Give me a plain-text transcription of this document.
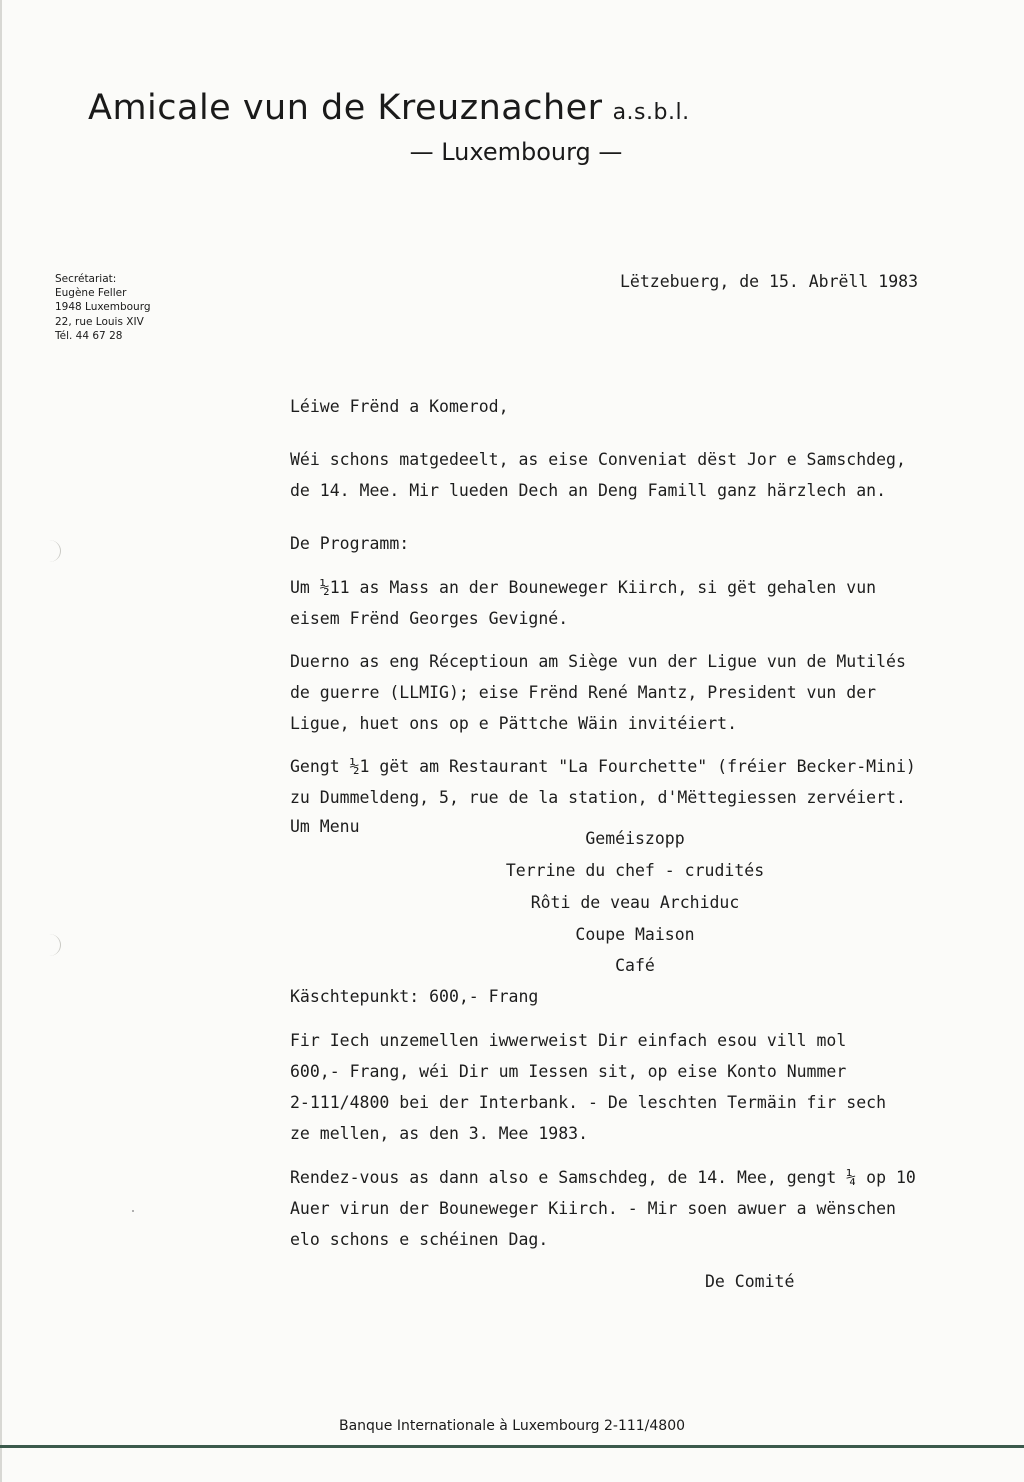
Amicale vun de Kreuznacher a.s.b.l.
— Luxembourg —
Secrétariat:
Eugène Feller
1948 Luxembourg
22, rue Louis XIV
Tél. 44 67 28
Lëtzebuerg, de 15. Abrëll 1983
Léiwe Frënd a Komerod,
Wéi schons matgedeelt, as eise Conveniat dëst Jor e Samschdeg,
de 14. Mee. Mir lueden Dech an Deng Famill ganz härzlech an.
De Programm:
Um ½11 as Mass an der Bouneweger Kiirch, si gët gehalen vun
eisem Frënd Georges Gevigné.
Duerno as eng Réceptioun am Siège vun der Ligue vun de Mutilés
de guerre (LLMIG); eise Frënd René Mantz, President vun der
Ligue, huet ons op e Pättche Wäin invitéiert.
Gengt ½1 gët am Restaurant "La Fourchette" (fréier Becker-Mini)
zu Dummeldeng, 5, rue de la station, d'Mëttegiessen zervéiert.
Um Menu
Geméiszopp
Terrine du chef - crudités
Rôti de veau Archiduc
Coupe Maison
Café
Käschtepunkt: 600,- Frang
Fir Iech unzemellen iwwerweist Dir einfach esou vill mol
600,- Frang, wéi Dir um Iessen sit, op eise Konto Nummer
2-111/4800 bei der Interbank. - De leschten Termäin fir sech
ze mellen, as den 3. Mee 1983.
Rendez-vous as dann also e Samschdeg, de 14. Mee, gengt ¼ op 10
Auer virun der Bouneweger Kiirch. - Mir soen awuer a wënschen
elo schons e schéinen Dag.
De Comité
Banque Internationale à Luxembourg 2-111/4800
